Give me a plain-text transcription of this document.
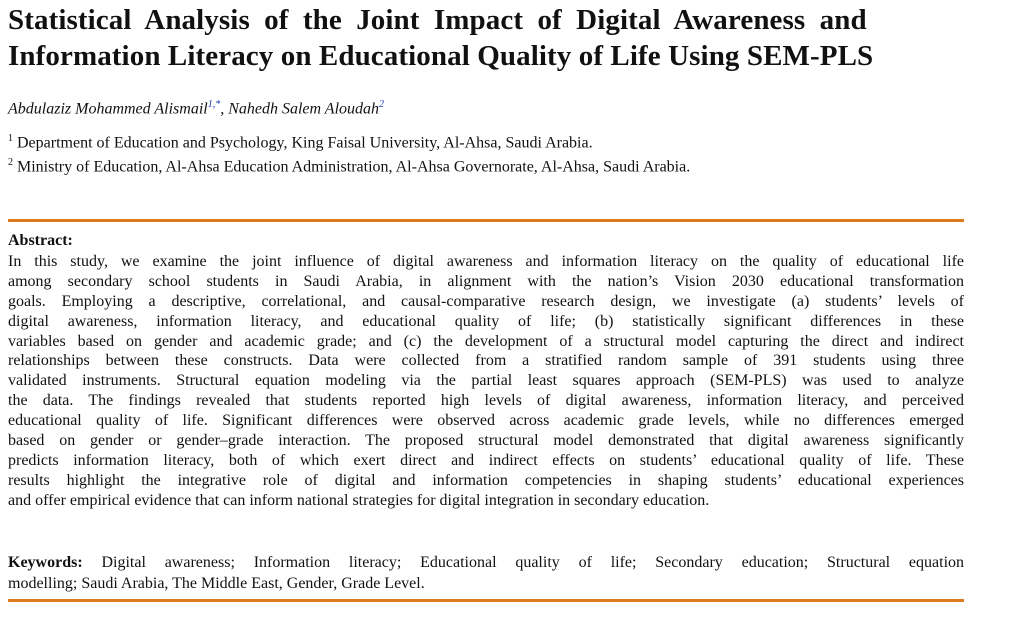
Statistical Analysis of the Joint Impact of Digital Awareness and
Information Literacy on Educational Quality of Life Using SEM-PLS
Abdulaziz Mohammed Alismail$^{1,*}$, Nahedh Salem Aloudah$^2$
$^1$ Department of Education and Psychology, King Faisal University, Al-Ahsa, Saudi Arabia.
$^2$ Ministry of Education, Al-Ahsa Education Administration, Al-Ahsa Governorate, Al-Ahsa, Saudi Arabia.
Abstract:
In this study, we examine the joint influence of digital awareness and information literacy on the quality of educational life
among secondary school students in Saudi Arabia, in alignment with the nation’s Vision 2030 educational transformation
goals. Employing a descriptive, correlational, and causal-comparative research design, we investigate (a) students’ levels of
digital awareness, information literacy, and educational quality of life; (b) statistically significant differences in these
variables based on gender and academic grade; and (c) the development of a structural model capturing the direct and indirect
relationships between these constructs. Data were collected from a stratified random sample of 391 students using three
validated instruments. Structural equation modeling via the partial least squares approach (SEM-PLS) was used to analyze
the data. The findings revealed that students reported high levels of digital awareness, information literacy, and perceived
educational quality of life. Significant differences were observed across academic grade levels, while no differences emerged
based on gender or gender–grade interaction. The proposed structural model demonstrated that digital awareness significantly
predicts information literacy, both of which exert direct and indirect effects on students’ educational quality of life. These
results highlight the integrative role of digital and information competencies in shaping students’ educational experiences
and offer empirical evidence that can inform national strategies for digital integration in secondary education.
Keywords: Digital awareness; Information literacy; Educational quality of life; Secondary education; Structural equation
modelling; Saudi Arabia, The Middle East, Gender, Grade Level.
